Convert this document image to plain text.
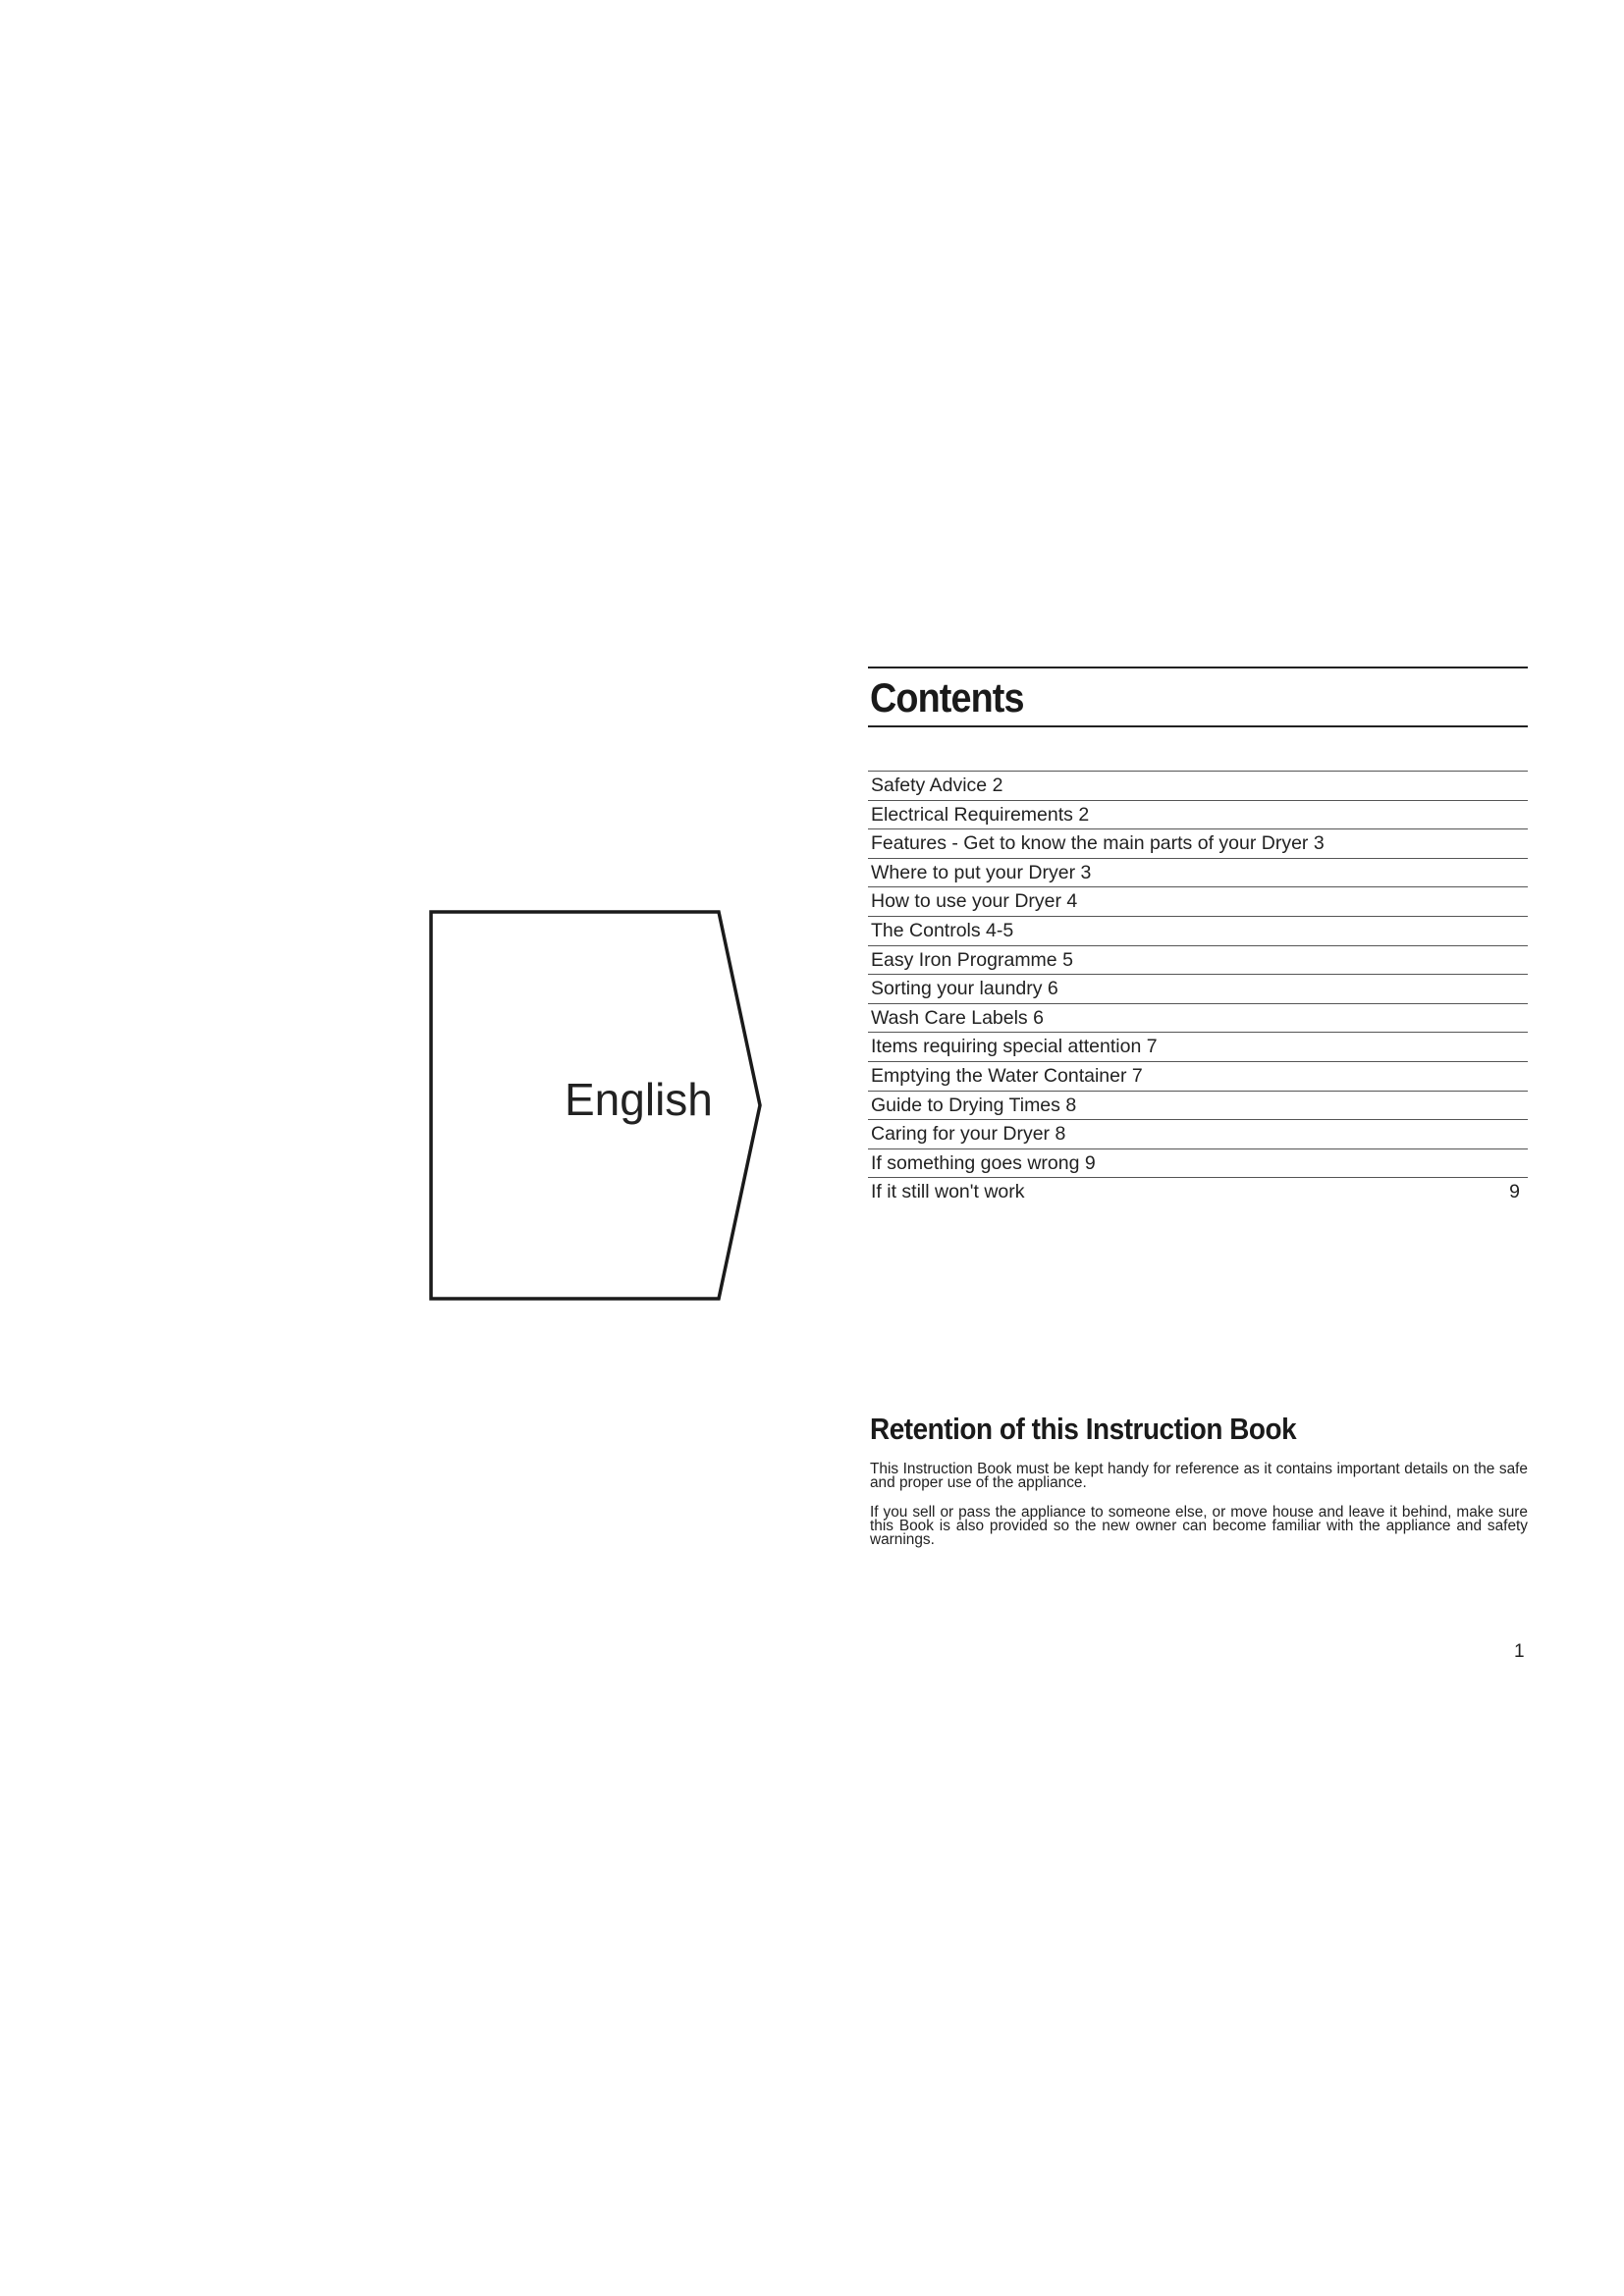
English
Contents
Safety Advice 2
Electrical Requirements 2
Features - Get to know the main parts of your Dryer 3
Where to put your Dryer 3
How to use your Dryer 4
The Controls 4-5
Easy Iron Programme 5
Sorting your laundry 6
Wash Care Labels 6
Items requiring special attention 7
Emptying the Water Container 7
Guide to Drying Times 8
Caring for your Dryer 8
If something goes wrong 9
If it still won't work	9
Retention of this Instruction Book

This Instruction Book must be kept handy for reference as it contains important details on the safe and proper use of the appliance.

If you sell or pass the appliance to someone else, or move house and leave it behind, make sure this Book is also provided so the new owner can become familiar with the appliance and safety warnings.

1
